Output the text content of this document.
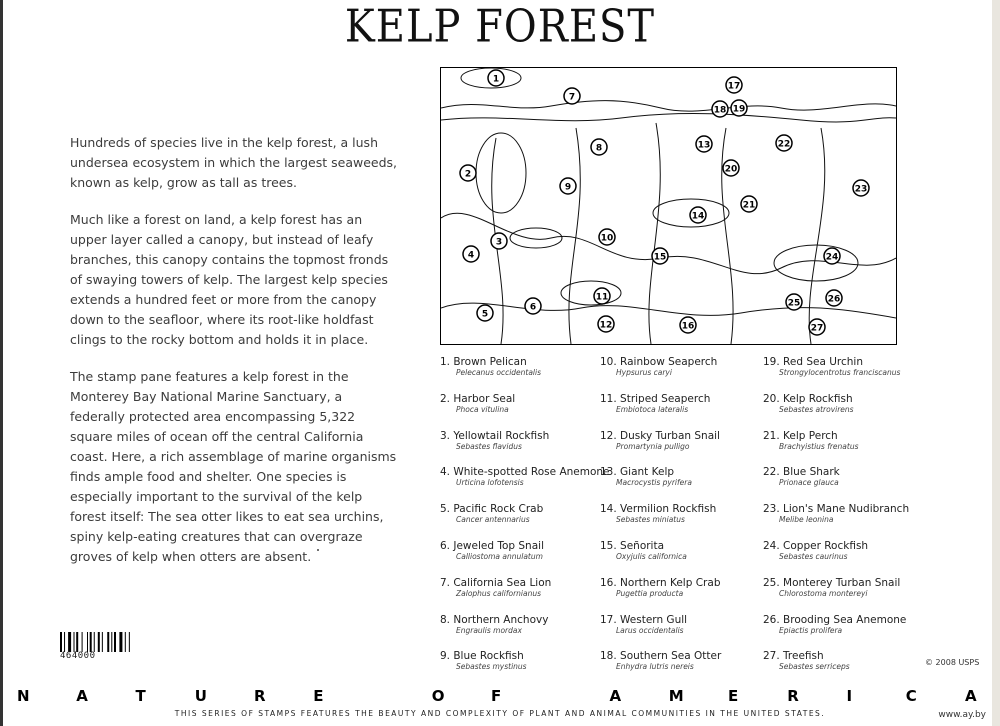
KELP FOREST

Hundreds of species live in the kelp forest, a lush undersea ecosystem in which the largest seaweeds, known as kelp, grow as tall as trees.

Much like a forest on land, a kelp forest has an upper layer called a canopy, but instead of leafy branches, this canopy contains the topmost fronds of swaying towers of kelp. The largest kelp species extends a hundred feet or more from the canopy down to the seafloor, where its root-like holdfast clings to the rocky bottom and holds it in place.

The stamp pane features a kelp forest in the Monterey Bay National Marine Sanctuary, a federally protected area encompassing 5,322 square miles of ocean off the central California coast. Here, a rich assemblage of marine organisms finds ample food and shelter. One species is especially important to the survival of the kelp forest itself: The sea otter likes to eat sea urchins, spiny kelp-eating creatures that can overgraze groves of kelp when otters are absent.

1
2
3
4
5
6
7
8
9
10
11
12
13
14
15
16
17
18 19
20
21
22
23
24
25	26
27
1. Brown Pelican
Pelecanus occidentalis
2. Harbor Seal
Phoca vitulina
3. Yellowtail Rockfish
Sebastes flavidus
4. White-spotted Rose Anemone
Urticina lofotensis
5. Pacific Rock Crab
Cancer antennarius
6. Jeweled Top Snail
Calliostoma annulatum
7. California Sea Lion
Zalophus californianus
8. Northern Anchovy
Engraulis mordax
9. Blue Rockfish
Sebastes mystinus
10. Rainbow Seaperch
Hypsurus caryi
11. Striped Seaperch
Embiotoca lateralis
12. Dusky Turban Snail
Promartynia pulligo
13. Giant Kelp
Macrocystis pyrifera
14. Vermilion Rockfish
Sebastes miniatus
15. Señorita
Oxyjulis californica
16. Northern Kelp Crab
Pugettia producta
17. Western Gull
Larus occidentalis
18. Southern Sea Otter
Enhydra lutris nereis
19. Red Sea Urchin
Strongylocentrotus franciscanus
20. Kelp Rockfish
Sebastes atrovirens
21. Kelp Perch
Brachyistius frenatus
22. Blue Shark
Prionace glauca
23. Lion's Mane Nudibranch
Melibe leonina
24. Copper Rockfish
Sebastes caurinus
25. Monterey Turban Snail
Chlorostoma montereyi
26. Brooding Sea Anemone
Epiactis prolifera
27. Treefish
Sebastes serriceps
464000
© 2008 USPS
N	A	T	U	R	E	O	F	A	M	E	R	I	C	A
THIS SERIES OF STAMPS FEATURES THE BEAUTY AND COMPLEXITY OF PLANT AND ANIMAL COMMUNITIES IN THE UNITED STATES.	www.ay.by
